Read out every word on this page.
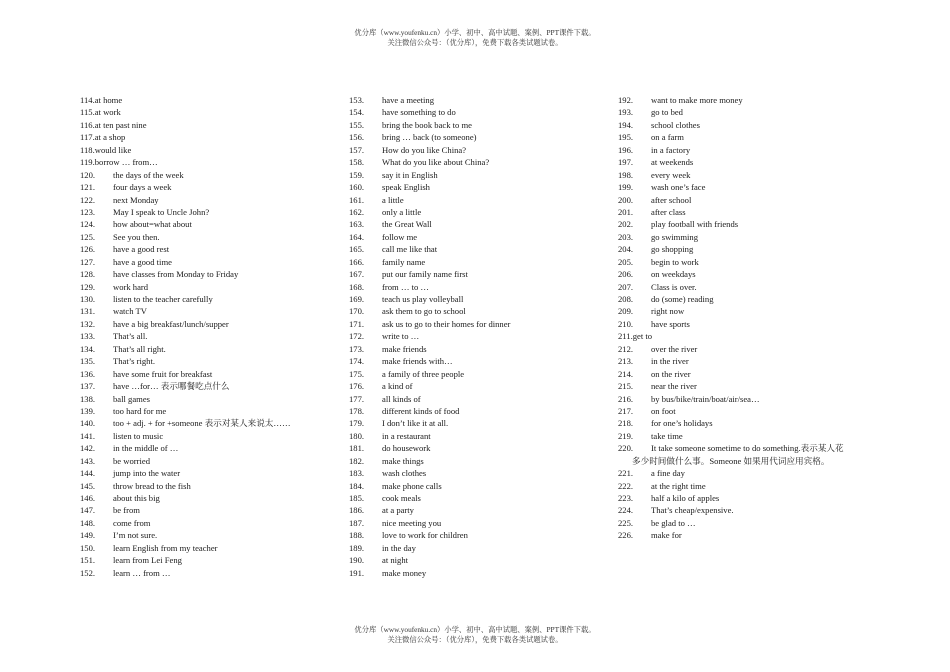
优分库（www.youfenku.cn）小学、初中、高中试题、案例、PPT课件下载。
关注微信公众号：（优分库），免费下载各类试题试卷。
114.at home
115.at work
116.at ten past nine
117.at a shop
118.would like
119.borrow … from…
120. the days of the week
121. four days a week
122. next Monday
123. May I speak to Uncle John?
124. how about=what about
125. See you then.
126. have a good rest
127. have a good time
128. have classes from Monday to Friday
129. work hard
130. listen to the teacher carefully
131. watch TV
132. have a big breakfast/lunch/supper
133. That’s all.
134. That’s all right.
135. That’s right.
136. have some fruit for breakfast
137. have …for… 表示哪餐吃点什么
138. ball games
139. too hard for me
140. too + adj. + for +someone 表示对某人来说太……
141. listen to music
142. in the middle of …
143. be worried
144. jump into the water
145. throw bread to the fish
146. about this big
147. be from
148. come from
149. I’m not sure.
150. learn English from my teacher
151. learn from Lei Feng
152. learn … from …
153. have a meeting
154. have something to do
155. bring the book back to me
156. bring … back (to someone)
157. How do you like China?
158. What do you like about China?
159. say it in English
160. speak English
161. a little
162. only a little
163. the Great Wall
164. follow me
165. call me like that
166. family name
167. put our family name first
168. from … to …
169. teach us play volleyball
170. ask them to go to school
171. ask us to go to their homes for dinner
172. write to …
173. make friends
174. make friends with…
175. a family of three people
176. a kind of
177. all kinds of
178. different kinds of food
179. I don’t like it at all.
180. in a restaurant
181. do housework
182. make things
183. wash clothes
184. make phone calls
185. cook meals
186. at a party
187. nice meeting you
188. love to work for children
189. in the day
190. at night
191. make money
192. want to make more money
193. go to bed
194. school clothes
195. on a farm
196. in a factory
197. at weekends
198. every week
199. wash one’s face
200. after school
201. after class
202. play football with friends
203. go swimming
204. go shopping
205. begin to work
206. on weekdays
207. Class is over.
208. do (some) reading
209. right now
210. have sports
211.get to
212. over the river
213. in the river
214. on the river
215. near the river
216. by bus/bike/train/boat/air/sea…
217. on foot
218. for one’s holidays
219. take time
220.	It take someone sometime to do something.表示某人花
多少时间做什么事。Someone 如果用代词应用宾格。
221. a fine day
222. at the right time
223. half a kilo of apples
224. That’s cheap/expensive.
225. be glad to …
226. make for
优分库（www.youfenku.cn）小学、初中、高中试题、案例、PPT课件下载。
关注微信公众号：（优分库），免费下载各类试题试卷。
